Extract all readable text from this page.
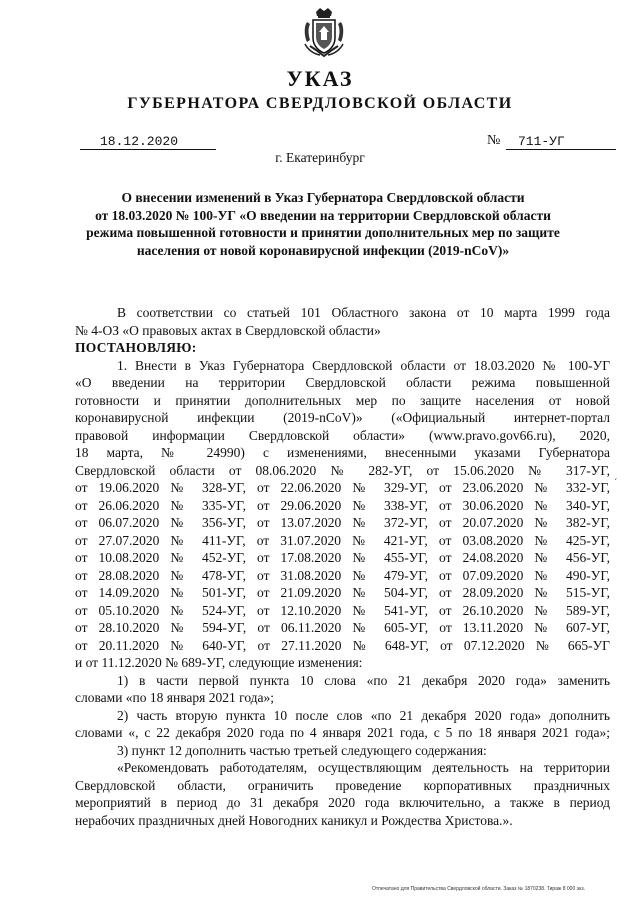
УКАЗ
ГУБЕРНАТОРА СВЕРДЛОВСКОЙ ОБЛАСТИ
18.12.2020	№	711-УГ
г. Екатеринбург
О внесении изменений в Указ Губернатора Свердловской области
от 18.03.2020 № 100-УГ «О введении на территории Свердловской области
режима повышенной готовности и принятии дополнительных мер по защите
населения от новой коронавирусной инфекции (2019-nCoV)»

В соответствии со статьей 101 Областного закона от 10 марта 1999 года

№ 4-ОЗ «О правовых актах в Свердловской области»

ПОСТАНОВЛЯЮ:

1. Внести в Указ Губернатора Свердловской области от 18.03.2020 № 100-УГ

«О введении на территории Свердловской области режима повышенной

готовности и принятии дополнительных мер по защите населения от новой

коронавирусной инфекции (2019-nCoV)» («Официальный интернет-портал

правовой информации Свердловской области» (www.pravo.gov66.ru), 2020,

18 марта, № 24990) с изменениями, внесенными указами Губернатора

Свердловской области от 08.06.2020 № 282-УГ, от 15.06.2020 № 317-УГ,

от 19.06.2020 № 328-УГ, от 22.06.2020 № 329-УГ, от 23.06.2020 № 332-УГ,

от 26.06.2020 № 335-УГ, от 29.06.2020 № 338-УГ, от 30.06.2020 № 340-УГ,

от 06.07.2020 № 356-УГ, от 13.07.2020 № 372-УГ, от 20.07.2020 № 382-УГ,

от 27.07.2020 № 411-УГ, от 31.07.2020 № 421-УГ, от 03.08.2020 № 425-УГ,

от 10.08.2020 № 452-УГ, от 17.08.2020 № 455-УГ, от 24.08.2020 № 456-УГ,

от 28.08.2020 № 478-УГ, от 31.08.2020 № 479-УГ, от 07.09.2020 № 490-УГ,

от 14.09.2020 № 501-УГ, от 21.09.2020 № 504-УГ, от 28.09.2020 № 515-УГ,

от 05.10.2020 № 524-УГ, от 12.10.2020 № 541-УГ, от 26.10.2020 № 589-УГ,

от 28.10.2020 № 594-УГ, от 06.11.2020 № 605-УГ, от 13.11.2020 № 607-УГ,

от 20.11.2020 № 640-УГ, от 27.11.2020 № 648-УГ, от 07.12.2020 № 665-УГ

и от 11.12.2020 № 689-УГ, следующие изменения:

1) в части первой пункта 10 слова «по 21 декабря 2020 года» заменить

словами «по 18 января 2021 года»;

2) часть вторую пункта 10 после слов «по 21 декабря 2020 года» дополнить

словами «, с 22 декабря 2020 года по 4 января 2021 года, с 5 по 18 января 2021 года»;

3) пункт 12 дополнить частью третьей следующего содержания:

«Рекомендовать работодателям, осуществляющим деятельность на территории

Свердловской области, ограничить проведение корпоративных праздничных

мероприятий в период до 31 декабря 2020 года включительно, а также в период

нерабочих праздничных дней Новогодних каникул и Рождества Христова.».

ˊ
Отпечатано для Правительства Свердловской области. Заказ № 1870238. Тираж 8 000 экз.
